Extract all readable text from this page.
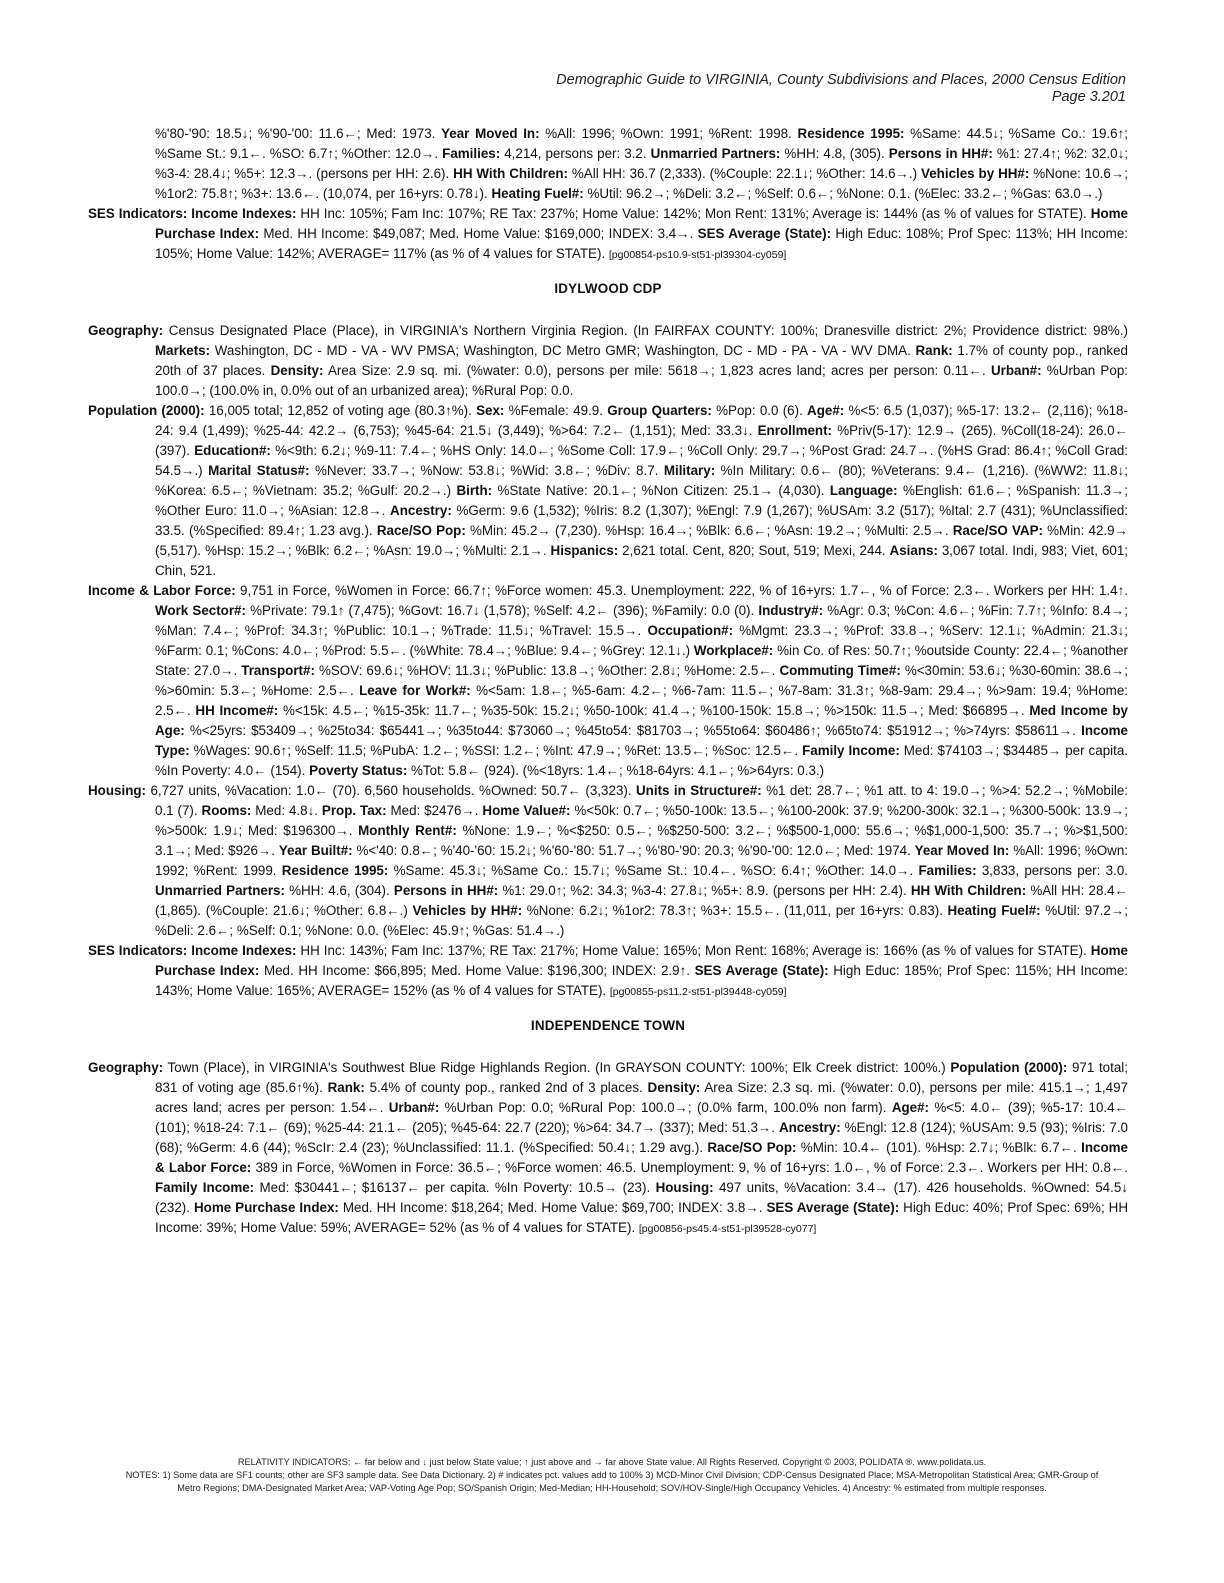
Demographic Guide to VIRGINIA, County Subdivisions and Places, 2000 Census Edition
Page 3.201

%'80-'90: 18.5↓; %'90-'00: 11.6←; Med: 1973. Year Moved In: %All: 1996; %Own: 1991; %Rent: 1998. Residence 1995: %Same: 44.5↓; %Same Co.: 19.6↑; %Same St.: 9.1←. %SO: 6.7↑; %Other: 12.0→. Families: 4,214, persons per: 3.2. Unmarried Partners: %HH: 4.8, (305). Persons in HH#: %1: 27.4↑; %2: 32.0↓; %3-4: 28.4↓; %5+: 12.3→. (persons per HH: 2.6). HH With Children: %All HH: 36.7 (2,333). (%Couple: 22.1↓; %Other: 14.6→.) Vehicles by HH#: %None: 10.6→; %1or2: 75.8↑; %3+: 13.6←. (10,074, per 16+yrs: 0.78↓). Heating Fuel#: %Util: 96.2→; %Deli: 3.2←; %Self: 0.6←; %None: 0.1. (%Elec: 33.2←; %Gas: 63.0→.)

SES Indicators: Income Indexes: HH Inc: 105%; Fam Inc: 107%; RE Tax: 237%; Home Value: 142%; Mon Rent: 131%; Average is: 144% (as % of values for STATE). Home Purchase Index: Med. HH Income: $49,087; Med. Home Value: $169,000; INDEX: 3.4→. SES Average (State): High Educ: 108%; Prof Spec: 113%; HH Income: 105%; Home Value: 142%; AVERAGE= 117% (as % of 4 values for STATE). [pg00854-ps10.9-st51-pl39304-cy059]

IDYLWOOD CDP

Geography: Census Designated Place (Place), in VIRGINIA's Northern Virginia Region. (In FAIRFAX COUNTY: 100%; Dranesville district: 2%; Providence district: 98%.) Markets: Washington, DC - MD - VA - WV PMSA; Washington, DC Metro GMR; Washington, DC - MD - PA - VA - WV DMA. Rank: 1.7% of county pop., ranked 20th of 37 places. Density: Area Size: 2.9 sq. mi. (%water: 0.0), persons per mile: 5618→; 1,823 acres land; acres per person: 0.11←. Urban#: %Urban Pop: 100.0→; (100.0% in, 0.0% out of an urbanized area); %Rural Pop: 0.0.

Population (2000): 16,005 total; 12,852 of voting age (80.3↑%). Sex: %Female: 49.9. Group Quarters: %Pop: 0.0 (6). Age#: %<5: 6.5 (1,037); %5-17: 13.2← (2,116); %18-24: 9.4 (1,499); %25-44: 42.2→ (6,753); %45-64: 21.5↓ (3,449); %>64: 7.2← (1,151); Med: 33.3↓. Enrollment: %Priv(5-17): 12.9→ (265). %Coll(18-24): 26.0← (397). Education#: %<9th: 6.2↓; %9-11: 7.4←; %HS Only: 14.0←; %Some Coll: 17.9←; %Coll Only: 29.7→; %Post Grad: 24.7→. (%HS Grad: 86.4↑; %Coll Grad: 54.5→.) Marital Status#: %Never: 33.7→; %Now: 53.8↓; %Wid: 3.8←; %Div: 8.7. Military: %In Military: 0.6← (80); %Veterans: 9.4← (1,216). (%WW2: 11.8↓; %Korea: 6.5←; %Vietnam: 35.2; %Gulf: 20.2→.) Birth: %State Native: 20.1←; %Non Citizen: 25.1→ (4,030). Language: %English: 61.6←; %Spanish: 11.3→; %Other Euro: 11.0→; %Asian: 12.8→. Ancestry: %Germ: 9.6 (1,532); %Iris: 8.2 (1,307); %Engl: 7.9 (1,267); %USAm: 3.2 (517); %Ital: 2.7 (431); %Unclassified: 33.5. (%Specified: 89.4↑; 1.23 avg.). Race/SO Pop: %Min: 45.2→ (7,230). %Hsp: 16.4→; %Blk: 6.6←; %Asn: 19.2→; %Multi: 2.5→. Race/SO VAP: %Min: 42.9→ (5,517). %Hsp: 15.2→; %Blk: 6.2←; %Asn: 19.0→; %Multi: 2.1→. Hispanics: 2,621 total. Cent, 820; Sout, 519; Mexi, 244. Asians: 3,067 total. Indi, 983; Viet, 601; Chin, 521.

Income & Labor Force: 9,751 in Force, %Women in Force: 66.7↑; %Force women: 45.3. Unemployment: 222, % of 16+yrs: 1.7←, % of Force: 2.3←. Workers per HH: 1.4↑. Work Sector#: %Private: 79.1↑ (7,475); %Govt: 16.7↓ (1,578); %Self: 4.2← (396); %Family: 0.0 (0). Industry#: %Agr: 0.3; %Con: 4.6←; %Fin: 7.7↑; %Info: 8.4→; %Man: 7.4←; %Prof: 34.3↑; %Public: 10.1→; %Trade: 11.5↓; %Travel: 15.5→. Occupation#: %Mgmt: 23.3→; %Prof: 33.8→; %Serv: 12.1↓; %Admin: 21.3↓; %Farm: 0.1; %Cons: 4.0←; %Prod: 5.5←. (%White: 78.4→; %Blue: 9.4←; %Grey: 12.1↓.) Workplace#: %in Co. of Res: 50.7↑; %outside County: 22.4←; %another State: 27.0→. Transport#: %SOV: 69.6↓; %HOV: 11.3↓; %Public: 13.8→; %Other: 2.8↓; %Home: 2.5←. Commuting Time#: %<30min: 53.6↓; %30-60min: 38.6→; %>60min: 5.3←; %Home: 2.5←. Leave for Work#: %<5am: 1.8←; %5-6am: 4.2←; %6-7am: 11.5←; %7-8am: 31.3↑; %8-9am: 29.4→; %>9am: 19.4; %Home: 2.5←. HH Income#: %<15k: 4.5←; %15-35k: 11.7←; %35-50k: 15.2↓; %50-100k: 41.4→; %100-150k: 15.8→; %>150k: 11.5→; Med: $66895→. Med Income by Age: %<25yrs: $53409→; %25to34: $65441→; %35to44: $73060→; %45to54: $81703→; %55to64: $60486↑; %65to74: $51912→; %>74yrs: $58611→. Income Type: %Wages: 90.6↑; %Self: 11.5; %PubA: 1.2←; %SSI: 1.2←; %Int: 47.9→; %Ret: 13.5←; %Soc: 12.5←. Family Income: Med: $74103→; $34485→ per capita. %In Poverty: 4.0← (154). Poverty Status: %Tot: 5.8← (924). (%<18yrs: 1.4←; %18-64yrs: 4.1←; %>64yrs: 0.3.)

Housing: 6,727 units, %Vacation: 1.0← (70). 6,560 households. %Owned: 50.7← (3,323). Units in Structure#: %1 det: 28.7←; %1 att. to 4: 19.0→; %>4: 52.2→; %Mobile: 0.1 (7). Rooms: Med: 4.8↓. Prop. Tax: Med: $2476→. Home Value#: %<50k: 0.7←; %50-100k: 13.5←; %100-200k: 37.9; %200-300k: 32.1→; %300-500k: 13.9→; %>500k: 1.9↓; Med: $196300→. Monthly Rent#: %None: 1.9←; %<$250: 0.5←; %$250-500: 3.2←; %$500-1,000: 55.6→; %$1,000-1,500: 35.7→; %>$1,500: 3.1→; Med: $926→. Year Built#: %<'40: 0.8←; %'40-'60: 15.2↓; %'60-'80: 51.7→; %'80-'90: 20.3; %'90-'00: 12.0←; Med: 1974. Year Moved In: %All: 1996; %Own: 1992; %Rent: 1999. Residence 1995: %Same: 45.3↓; %Same Co.: 15.7↓; %Same St.: 10.4←. %SO: 6.4↑; %Other: 14.0→. Families: 3,833, persons per: 3.0. Unmarried Partners: %HH: 4.6, (304). Persons in HH#: %1: 29.0↑; %2: 34.3; %3-4: 27.8↓; %5+: 8.9. (persons per HH: 2.4). HH With Children: %All HH: 28.4← (1,865). (%Couple: 21.6↓; %Other: 6.8←.) Vehicles by HH#: %None: 6.2↓; %1or2: 78.3↑; %3+: 15.5←. (11,011, per 16+yrs: 0.83). Heating Fuel#: %Util: 97.2→; %Deli: 2.6←; %Self: 0.1; %None: 0.0. (%Elec: 45.9↑; %Gas: 51.4→.)

SES Indicators: Income Indexes: HH Inc: 143%; Fam Inc: 137%; RE Tax: 217%; Home Value: 165%; Mon Rent: 168%; Average is: 166% (as % of values for STATE). Home Purchase Index: Med. HH Income: $66,895; Med. Home Value: $196,300; INDEX: 2.9↑. SES Average (State): High Educ: 185%; Prof Spec: 115%; HH Income: 143%; Home Value: 165%; AVERAGE= 152% (as % of 4 values for STATE). [pg00855-ps11.2-st51-pl39448-cy059]

INDEPENDENCE TOWN

Geography: Town (Place), in VIRGINIA's Southwest Blue Ridge Highlands Region. (In GRAYSON COUNTY: 100%; Elk Creek district: 100%.) Population (2000): 971 total; 831 of voting age (85.6↑%). Rank: 5.4% of county pop., ranked 2nd of 3 places. Density: Area Size: 2.3 sq. mi. (%water: 0.0), persons per mile: 415.1→; 1,497 acres land; acres per person: 1.54←. Urban#: %Urban Pop: 0.0; %Rural Pop: 100.0→; (0.0% farm, 100.0% non farm). Age#: %<5: 4.0← (39); %5-17: 10.4← (101); %18-24: 7.1← (69); %25-44: 21.1← (205); %45-64: 22.7 (220); %>64: 34.7→ (337); Med: 51.3→. Ancestry: %Engl: 12.8 (124); %USAm: 9.5 (93); %Iris: 7.0 (68); %Germ: 4.6 (44); %ScIr: 2.4 (23); %Unclassified: 11.1. (%Specified: 50.4↓; 1.29 avg.). Race/SO Pop: %Min: 10.4← (101). %Hsp: 2.7↓; %Blk: 6.7←. Income & Labor Force: 389 in Force, %Women in Force: 36.5←; %Force women: 46.5. Unemployment: 9, % of 16+yrs: 1.0←, % of Force: 2.3←. Workers per HH: 0.8←. Family Income: Med: $30441←; $16137← per capita. %In Poverty: 10.5→ (23). Housing: 497 units, %Vacation: 3.4→ (17). 426 households. %Owned: 54.5↓ (232). Home Purchase Index: Med. HH Income: $18,264; Med. Home Value: $69,700; INDEX: 3.8→. SES Average (State): High Educ: 40%; Prof Spec: 69%; HH Income: 39%; Home Value: 59%; AVERAGE= 52% (as % of 4 values for STATE). [pg00856-ps45.4-st51-pl39528-cy077]

RELATIVITY INDICATORS: ← far below and ↓ just below State value; ↑ just above and → far above State value. All Rights Reserved. Copyright © 2003, POLIDATA ®. www.polidata.us.
NOTES: 1) Some data are SF1 counts; other are SF3 sample data. See Data Dictionary. 2) # indicates pct. values add to 100% 3) MCD-Minor Civil Division; CDP-Census Designated Place; MSA-Metropolitan Statistical Area; GMR-Group of
Metro Regions; DMA-Designated Market Area; VAP-Voting Age Pop; SO/Spanish Origin; Med-Median; HH-Household; SOV/HOV-Single/High Occupancy Vehicles. 4) Ancestry: % estimated from multiple responses.
